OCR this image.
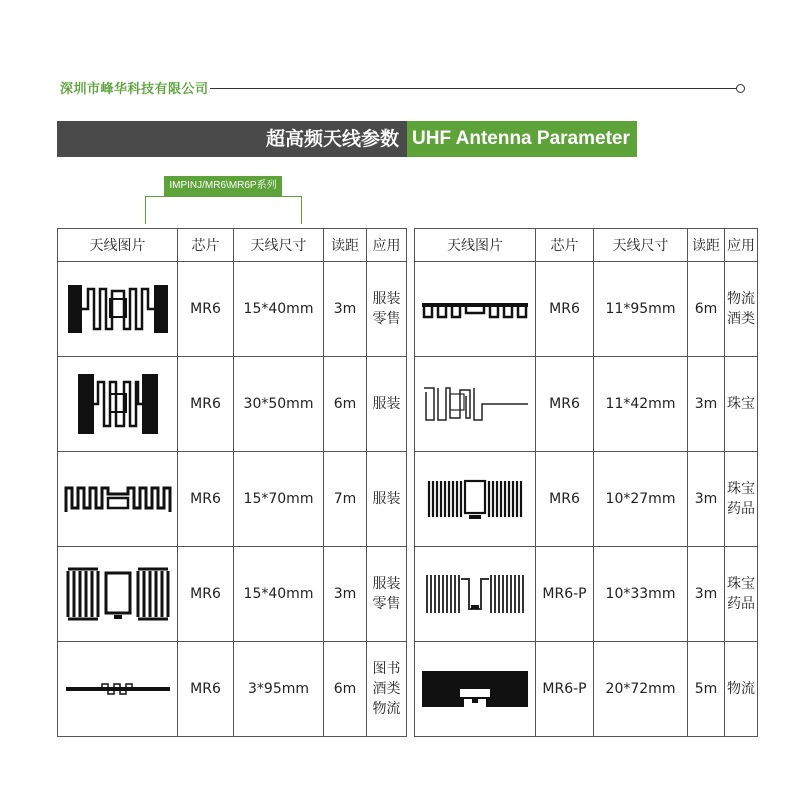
深圳市峰华科技有限公司
超高频天线参数 UHF Antenna Parameter
IMPINJ/MR6\MR6P系列
天线图片	芯片	天线尺寸	读距	应用

	MR6	15*40mm	3m	服装
零售

	MR6	30*50mm	6m	服装

	MR6	15*70mm	7m	服装

	MR6	15*40mm	3m	服装
零售

	MR6	3*95mm	6m	图书
酒类
物流
天线图片	芯片	天线尺寸	读距	应用

	MR6	11*95mm	6m	物流
酒类

	MR6	11*42mm	3m	珠宝

	MR6	10*27mm	3m	珠宝
药品

	MR6-P	10*33mm	3m	珠宝
药品

	MR6-P	20*72mm	5m	物流
